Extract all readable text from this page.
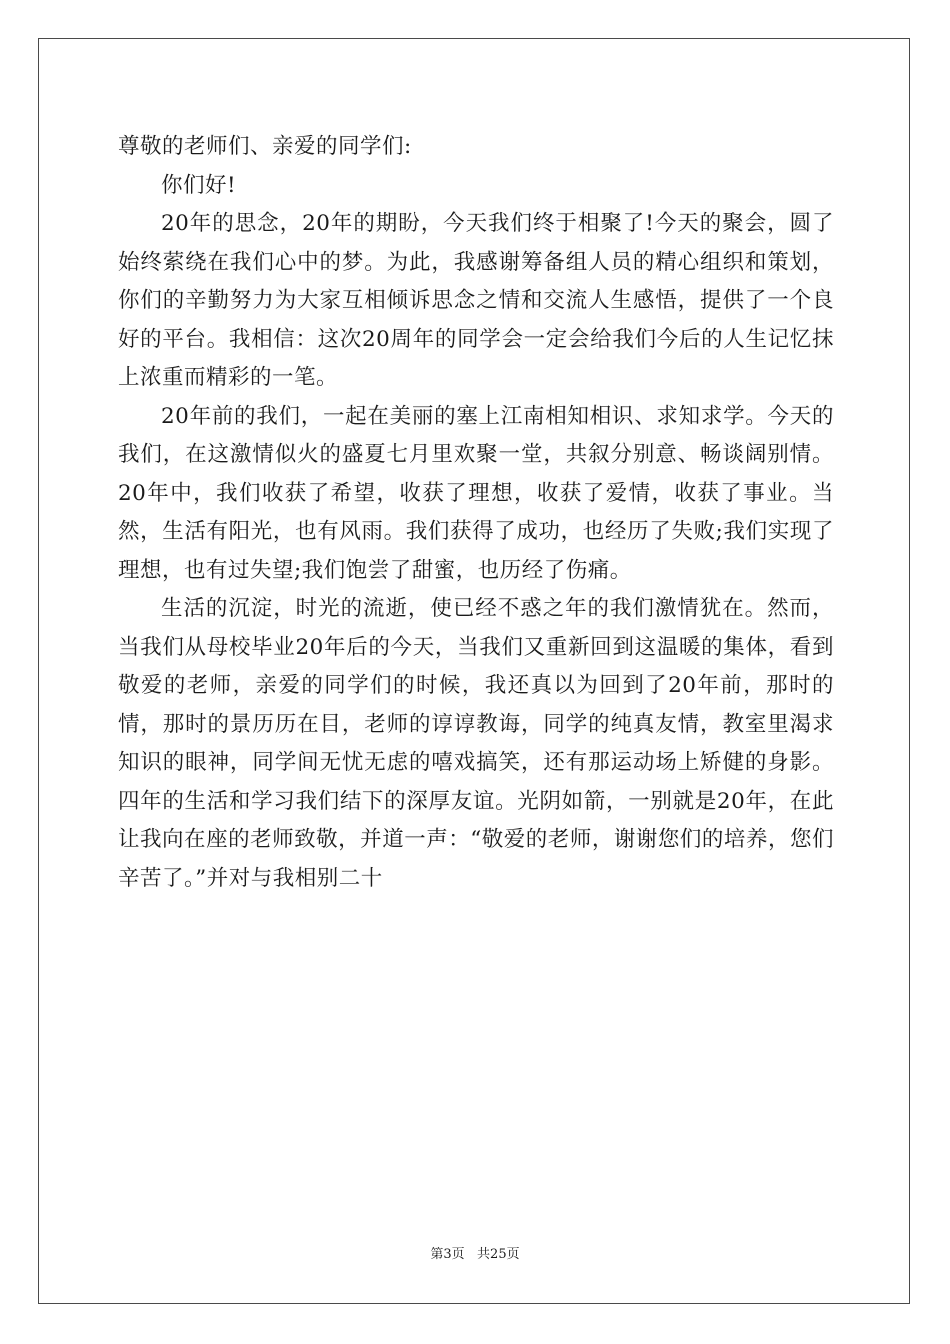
尊敬的老师们、亲爱的同学们:

你们好!

20年的思念，20年的期盼，今天我们终于相聚了!今天的聚会，圆了始终萦绕在我们心中的梦。为此，我感谢筹备组人员的精心组织和策划，你们的辛勤努力为大家互相倾诉思念之情和交流人生感悟，提供了一个良好的平台。我相信：这次20周年的同学会一定会给我们今后的人生记忆抹上浓重而精彩的一笔。

20年前的我们，一起在美丽的塞上江南相知相识、求知求学。今天的我们，在这激情似火的盛夏七月里欢聚一堂，共叙分别意、畅谈阔别情。20年中，我们收获了希望，收获了理想，收获了爱情，收获了事业。当然，生活有阳光，也有风雨。我们获得了成功，也经历了失败;我们实现了理想，也有过失望;我们饱尝了甜蜜，也历经了伤痛。

生活的沉淀，时光的流逝，使已经不惑之年的我们激情犹在。然而，当我们从母校毕业20年后的今天，当我们又重新回到这温暖的集体，看到敬爱的老师，亲爱的同学们的时候，我还真以为回到了20年前，那时的情，那时的景历历在目，老师的谆谆教诲，同学的纯真友情，教室里渴求知识的眼神，同学间无忧无虑的嘻戏搞笑，还有那运动场上矫健的身影。四年的生活和学习我们结下的深厚友谊。光阴如箭，一别就是20年，在此让我向在座的老师致敬，并道一声：“敬爱的老师，谢谢您们的培养，您们辛苦了。”并对与我相别二十

第3页   共25页
